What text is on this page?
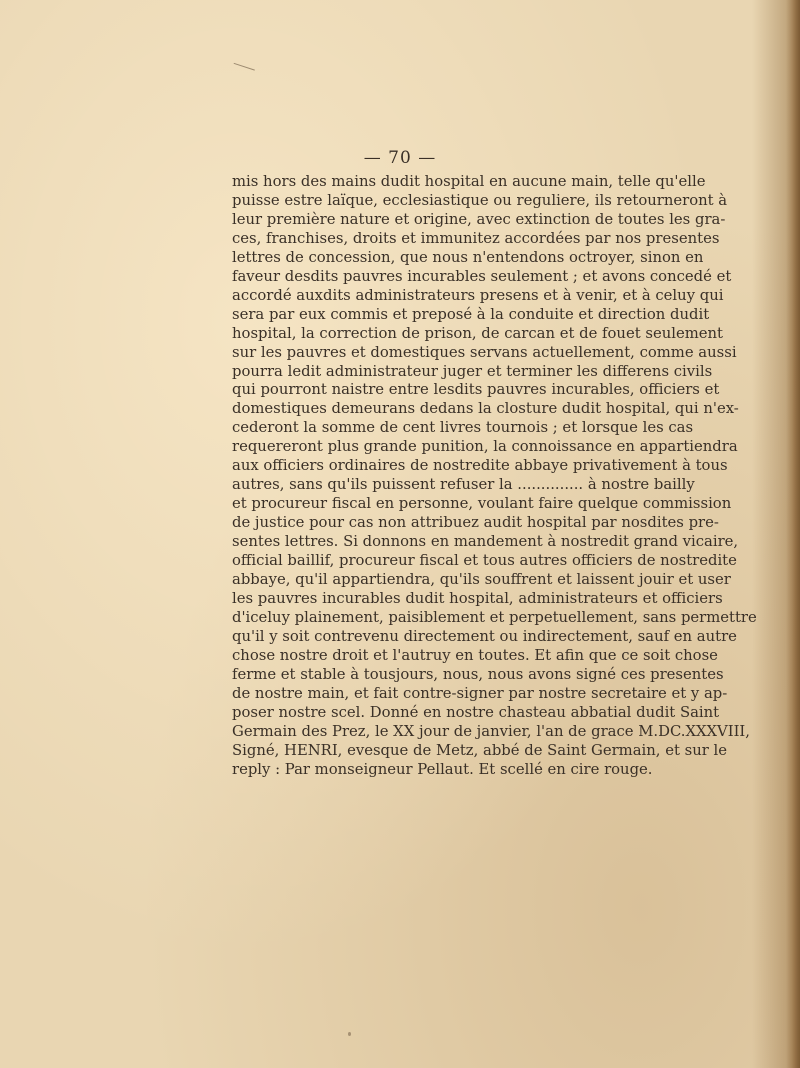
— 70 —
mis hors des mains dudit hospital en aucune main, telle qu'elle
puisse estre laïque, ecclesiastique ou reguliere, ils retourneront à
leur première nature et origine, avec extinction de toutes les gra-
ces, franchises, droits et immunitez accordées par nos presentes
lettres de concession, que nous n'entendons octroyer, sinon en
faveur desdits pauvres incurables seulement ; et avons concedé et
accordé auxdits administrateurs presens et à venir, et à celuy qui
sera par eux commis et preposé à la conduite et direction dudit
hospital, la correction de prison, de carcan et de fouet seulement
sur les pauvres et domestiques servans actuellement, comme aussi
pourra ledit administrateur juger et terminer les differens civils
qui pourront naistre entre lesdits pauvres incurables, officiers et
domestiques demeurans dedans la closture dudit hospital, qui n'ex-
cederont la somme de cent livres tournois ; et lorsque les cas
requereront plus grande punition, la connoissance en appartiendra
aux officiers ordinaires de nostredite abbaye privativement à tous
autres, sans qu'ils puissent refuser la .............. à nostre bailly
et procureur fiscal en personne, voulant faire quelque commission
de justice pour cas non attribuez audit hospital par nosdites pre-
sentes lettres. Si donnons en mandement à nostredit grand vicaire,
official baillif, procureur fiscal et tous autres officiers de nostredite
abbaye, qu'il appartiendra, qu'ils souffrent et laissent jouir et user
les pauvres incurables dudit hospital, administrateurs et officiers
d'iceluy plainement, paisiblement et perpetuellement, sans permettre
qu'il y soit contrevenu directement ou indirectement, sauf en autre
chose nostre droit et l'autruy en toutes. Et afin que ce soit chose
ferme et stable à tousjours, nous, nous avons signé ces presentes
de nostre main, et fait contre-signer par nostre secretaire et y ap-
poser nostre scel. Donné en nostre chasteau abbatial dudit Saint
Germain des Prez, le XX jour de janvier, l'an de grace M.DC.XXXVIII,
Signé, HENRI, evesque de Metz, abbé de Saint Germain, et sur le
reply : Par monseigneur Pellaut. Et scellé en cire rouge.
